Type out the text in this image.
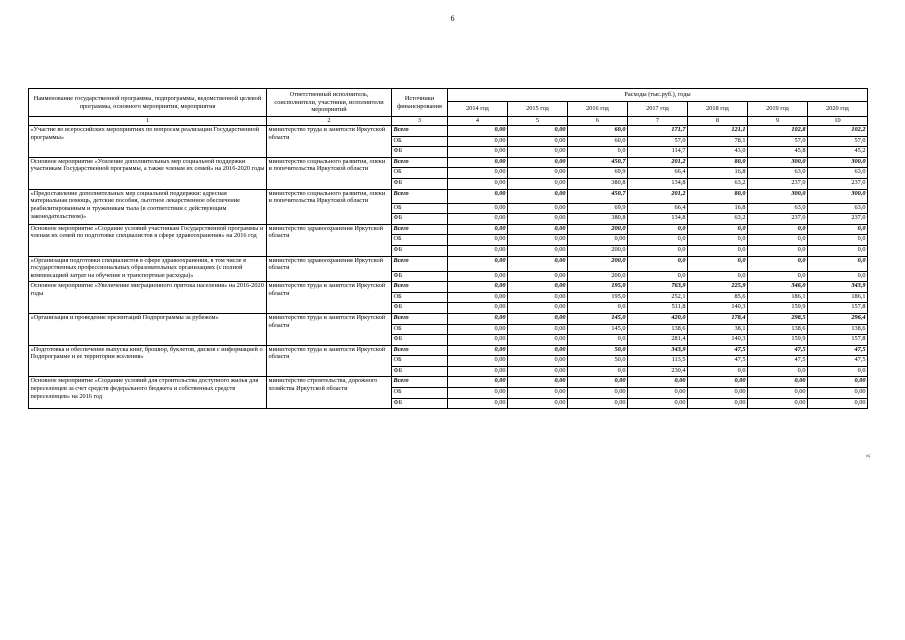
6
Наименование государственной программы, подпрограммы, ведомственной целевой программы, основного мероприятия, мероприятия	Ответственный исполнитель, соисполнители, участники, исполнители мероприятий	Источники финансирования	Расходы (тыс.руб.), годы						
			2014 год	2015 год	2016 год	2017 год	2018 год	2019 год	2020 год
1	2	3	4	5	6	7	8	9	10
«Участие во всероссийских мероприятиях по вопросам реализации Государственной программы»	министерство труда и занятости Иркутской области	Всего	0,00	0,00	60,0	171,7	121,1	102,8	102,2
		ОБ	0,00	0,00	60,0	57,0	78,1	57,0	57,0
		ФБ	0,00	0,00	0,0	114,7	43,0	45,8	45,2
Основное мероприятие «Усиление дополнительных мер социальной поддержки участникам Государственной программы, а также членам их семей» на 2016-2020 годы	министерство социального развития, опеки и попечительства Иркутской области	Всего	0,00	0,00	450,7	201,2	80,0	300,0	300,0
		ОБ	0,00	0,00	69,9	66,4	16,8	63,0	63,0
		ФБ	0,00	0,00	380,8	134,8	63,2	237,0	237,0
«Предоставление дополнительных мер социальной поддержки: адресная материальная помощь, детские пособия, льготное лекарственное обеспечение реабилитированным и труженикам тыла (в соответствии с действующим законодательством)»	министерство социального развития, опеки и попечительства Иркутской области	Всего	0,00	0,00	450,7	201,2	80,0	300,0	300,0
		ОБ	0,00	0,00	69,9	66,4	16,8	63,0	63,0
		ФБ	0,00	0,00	380,8	134,8	63,2	237,0	237,0
Основное мероприятие «Создание условий участникам Государственной программы и членам их семей по подготовке специалистов в сфере здравоохранения» на 2016 год	министерство здравоохранения Иркутской области	Всего	0,00	0,00	200,0	0,0	0,0	0,0	0,0
		ОБ	0,00	0,00	0,00	0,0	0,0	0,0	0,0
		ФБ	0,00	0,00	200,0	0,0	0,0	0,0	0,0
«Организация подготовки специалистов в сфере здравоохранения, в том числе в государственных профессиональных образовательных организациях (с полной компенсацией затрат на обучение и транспортные расходы)»	министерство здравоохранения Иркутской области	Всего	0,00	0,00	200,0	0,0	0,0	0,0	0,0
		ФБ	0,00	0,00	200,0	0,0	0,0	0,0	0,0
Основное мероприятие «Увеличение миграционного притока населения» на 2016-2020 годы	министерство труда и занятости Иркутской области	Всего	0,00	0,00	195,0	763,9	225,9	346,0	343,9
		ОБ	0,00	0,00	195,0	252,1	85,6	186,1	186,1
		ФБ	0,00	0,00	0,0	511,8	140,3	159,9	157,8
«Организация и проведение презентаций Подпрограммы за рубежом»	министерство труда и занятости Иркутской области	Всего	0,00	0,00	145,0	420,0	178,4	298,5	296,4
		ОБ	0,00	0,00	145,0	138,6	38,1	138,6	138,6
		ФБ	0,00	0,00	0,0	281,4	140,3	159,9	157,8
«Подготовка и обеспечение выпуска книг, брошюр, буклетов, дисков с информацией о Подпрограмме и ее территории вселения»	министерство труда и занятости Иркутской области	Всего	0,00	0,00	50,0	343,9	47,5	47,5	47,5
		ОБ	0,00	0,00	50,0	113,5	47,5	47,5	47,5
		ФБ	0,00	0,00	0,0	230,4	0,0	0,0	0,0
Основное мероприятие «Создание условий для строительства доступного жилья для переселенцев за счет средств федерального бюджета и собственных средств переселенцев» на 2016 год	министерство строительства, дорожного хозяйства Иркутской области	Всего	0,00	0,00	0,00	0,00	0,00	0,00	0,00
		ОБ	0,00	0,00	0,00	0,00	0,00	0,00	0,00
		ФБ	0,00	0,00	0,00	0,00	0,00	0,00	0,00
»;
